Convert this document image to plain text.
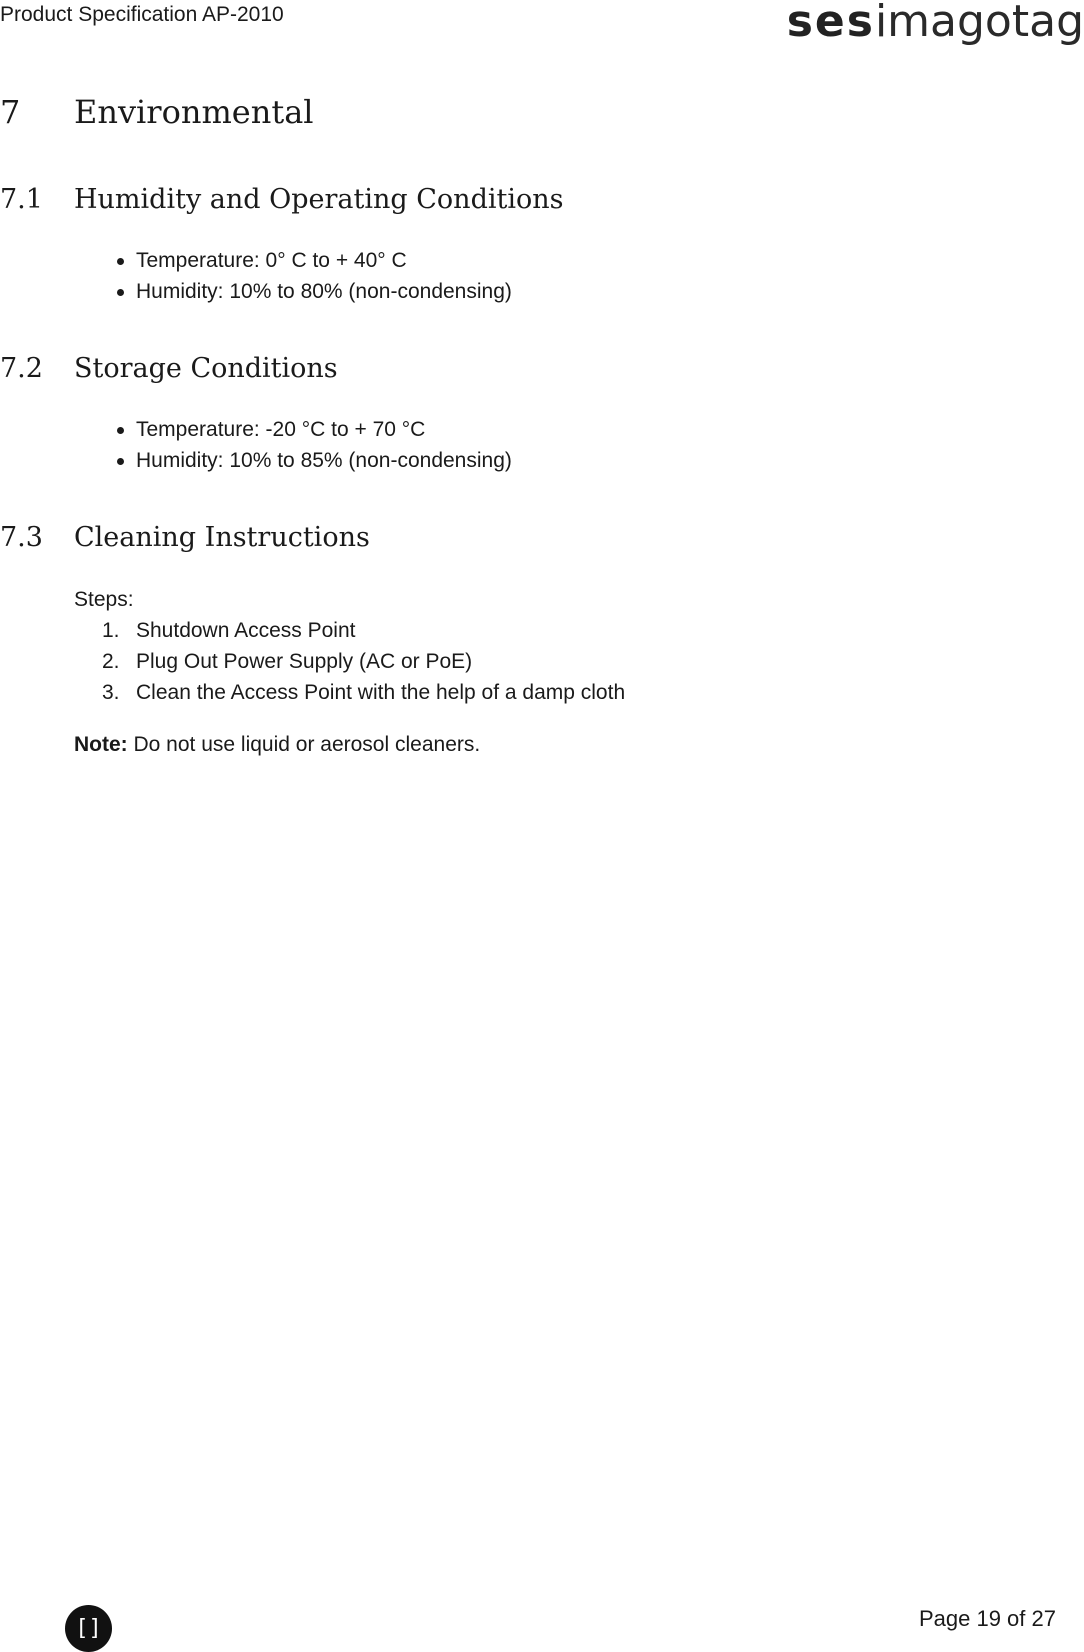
Product Specification AP-2010	sesimagotag
7 Environmental
7.1 Humidity and Operating Conditions
Temperature: 0° C to + 40° C
Humidity: 10% to 80% (non-condensing)
7.2 Storage Conditions
Temperature: -20 °C to + 70 °C
Humidity: 10% to 85% (non-condensing)
7.3 Cleaning Instructions
Steps:
1. Shutdown Access Point
2. Plug Out Power Supply (AC or PoE)
3. Clean the Access Point with the help of a damp cloth
Note: Do not use liquid or aerosol cleaners.
[]	Page 19 of 27
